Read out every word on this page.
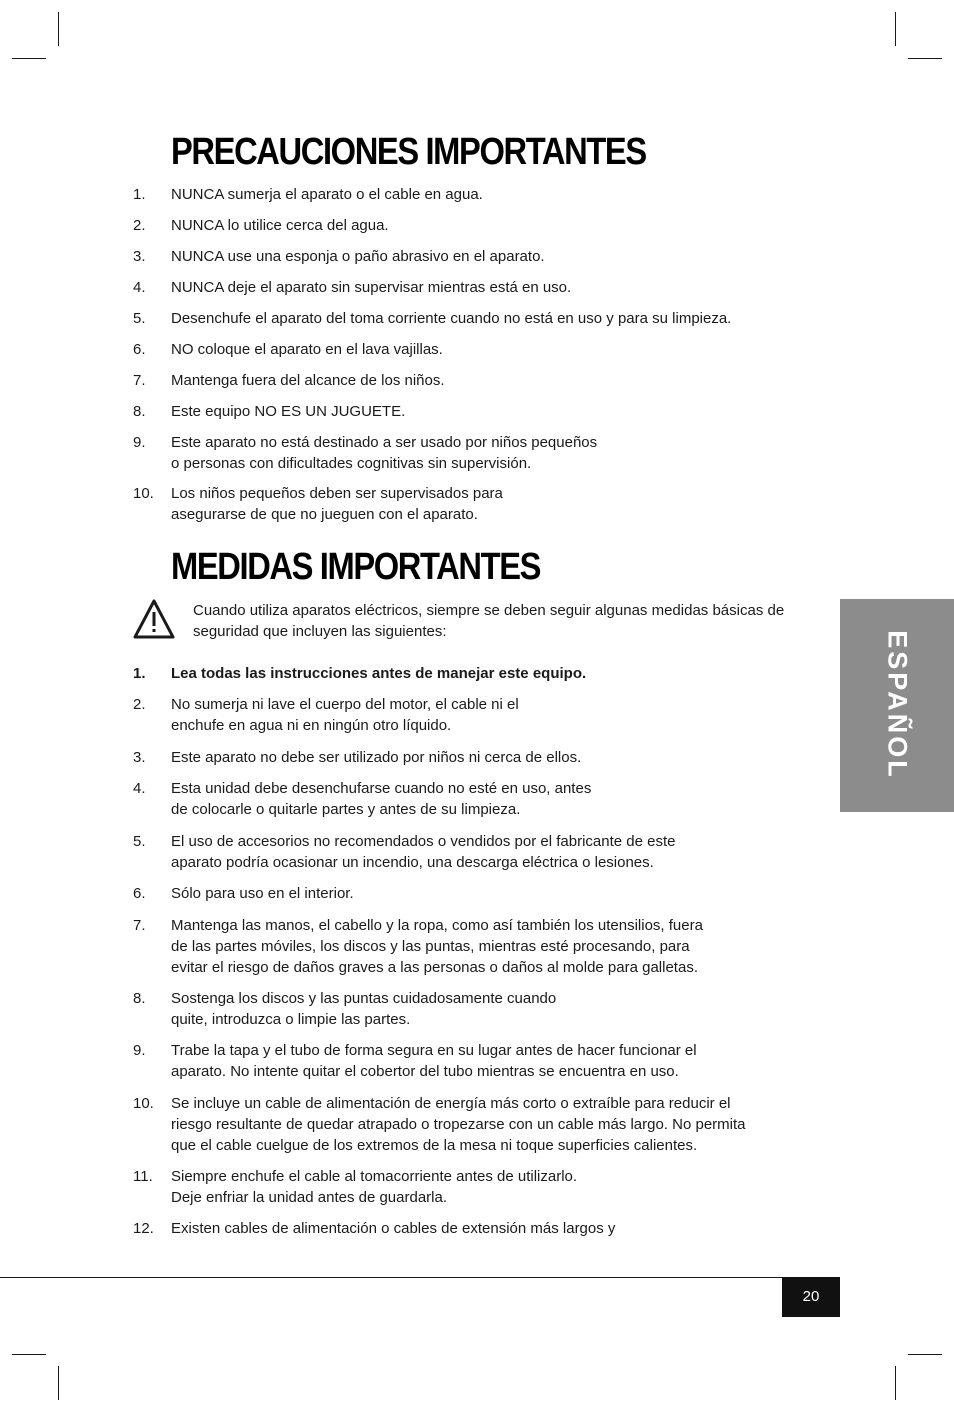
PRECAUCIONES IMPORTANTES
1. NUNCA sumerja el aparato o el cable en agua.
2. NUNCA lo utilice cerca del agua.
3. NUNCA use una esponja o paño abrasivo en el aparato.
4. NUNCA deje el aparato sin supervisar mientras está en uso.
5. Desenchufe el aparato del toma corriente cuando no está en uso y para su limpieza.
6. NO coloque el aparato en el lava vajillas.
7. Mantenga fuera del alcance de los niños.
8. Este equipo NO ES UN JUGUETE.
9. Este aparato no está destinado a ser usado por niños pequeños
o personas con dificultades cognitivas sin supervisión.
10. Los niños pequeños deben ser supervisados para
asegurarse de que no jueguen con el aparato.
MEDIDAS IMPORTANTES
Cuando utiliza aparatos eléctricos, siempre se deben seguir algunas medidas básicas de
seguridad que incluyen las siguientes:
1. Lea todas las instrucciones antes de manejar este equipo.
2. No sumerja ni lave el cuerpo del motor, el cable ni el
enchufe en agua ni en ningún otro líquido.
3. Este aparato no debe ser utilizado por niños ni cerca de ellos.
4. Esta unidad debe desenchufarse cuando no esté en uso, antes
de colocarle o quitarle partes y antes de su limpieza.
5. El uso de accesorios no recomendados o vendidos por el fabricante de este
aparato podría ocasionar un incendio, una descarga eléctrica o lesiones.
6. Sólo para uso en el interior.
7. Mantenga las manos, el cabello y la ropa, como así también los utensilios, fuera
de las partes móviles, los discos y las puntas, mientras esté procesando, para
evitar el riesgo de daños graves a las personas o daños al molde para galletas.
8. Sostenga los discos y las puntas cuidadosamente cuando
quite, introduzca o limpie las partes.
9. Trabe la tapa y el tubo de forma segura en su lugar antes de hacer funcionar el
aparato. No intente quitar el cobertor del tubo mientras se encuentra en uso.
10. Se incluye un cable de alimentación de energía más corto o extraíble para reducir el
riesgo resultante de quedar atrapado o tropezarse con un cable más largo. No permita
que el cable cuelgue de los extremos de la mesa ni toque superficies calientes.
11. Siempre enchufe el cable al tomacorriente antes de utilizarlo.
Deje enfriar la unidad antes de guardarla.
12. Existen cables de alimentación o cables de extensión más largos y
ESPAÑOL
20
